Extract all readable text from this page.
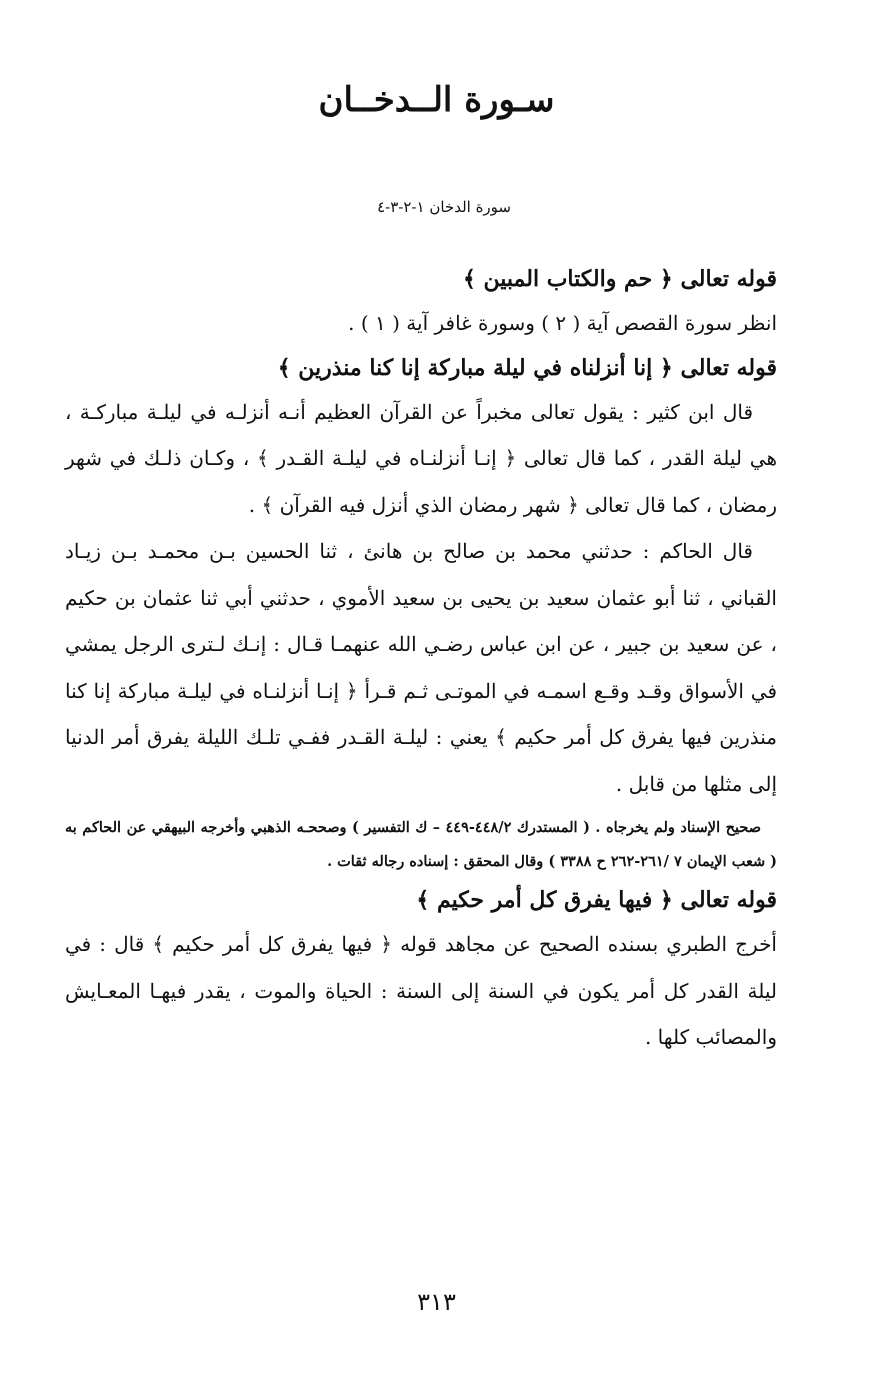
سـورة الــدخــان

سورة الدخان ١-٢-٣-٤

قوله تعالى ﴿ حم والكتاب المبين ﴾

انظر سورة القصص آية ( ٢ ) وسورة غافر آية ( ١ ) .

قوله تعالى ﴿ إنا أنزلناه في ليلة مباركة إنا كنا منذرين ﴾

قال ابن كثير : يقول تعالى مخبراً عن القرآن العظيم أنـه أنزلـه في ليلـة مباركـة ، هي ليلة القدر ، كما قال تعالى ﴿ إنـا أنزلنـاه في ليلـة القـدر ﴾ ، وكـان ذلـك في شهر رمضان ، كما قال تعالى ﴿ شهر رمضان الذي أنزل فيه القرآن ﴾ .

قال الحاكم : حدثني محمد بن صالح بن هانئ ، ثنا الحسين بـن محمـد بـن زيـاد القباني ، ثنا أبو عثمان سعيد بن يحيى بن سعيد الأموي ، حدثني أبي ثنا عثمان بن حكيم ، عن سعيد بن جبير ، عن ابن عباس رضـي الله عنهمـا قـال : إنـك لـترى الرجل يمشي في الأسواق وقـد وقـع اسمـه في الموتـى ثـم قـرأ ﴿ إنـا أنزلنـاه في ليلـة مباركة إنا كنا منذرين فيها يفرق كل أمر حكيم ﴾ يعني : ليلـة القـدر ففـي تلـك الليلة يفرق أمر الدنيا إلى مثلها من قابل .

صحيح الإسناد ولم يخرجاه . ( المستدرك ٤٤٨/٢-٤٤٩ – ك التفسير ) وصححـه الذهبي وأخرجه البيهقي عن الحاكم به ( شعب الإيمان ٧ /٢٦١-٢٦٢ ح ٣٣٨٨ ) وقال المحقق : إسناده رجاله ثقات .

قوله تعالى ﴿ فيها يفرق كل أمر حكيم ﴾

أخرج الطبري بسنده الصحيح عن مجاهد قوله ﴿ فيها يفرق كل أمر حكيم ﴾ قال : في ليلة القدر كل أمر يكون في السنة إلى السنة : الحياة والموت ، يقدر فيهـا المعـايش والمصائب كلها .

٣١٣
